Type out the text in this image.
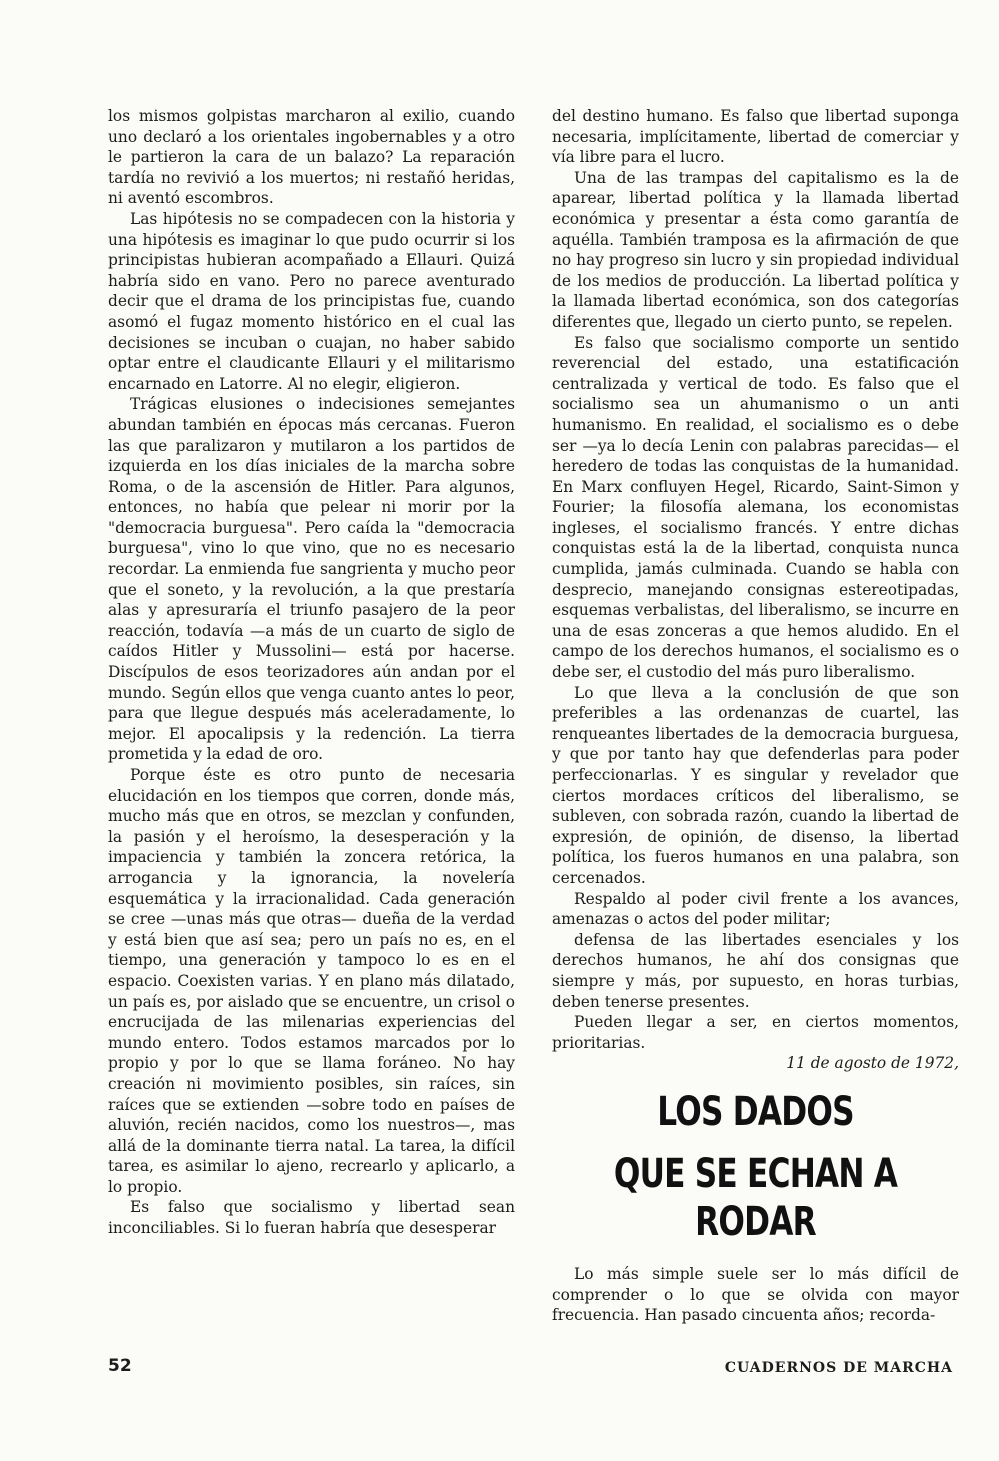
los mismos golpistas marcharon al exilio, cuando uno declaró a los orientales ingobernables y a otro le partieron la cara de un balazo? La reparación tardía no revivió a los muertos; ni restañó heridas, ni aventó escombros.

Las hipótesis no se compadecen con la historia y una hipótesis es imaginar lo que pudo ocurrir si los principistas hubieran acompañado a Ellauri. Quizá habría sido en vano. Pero no parece aventurado decir que el drama de los principistas fue, cuando asomó el fugaz momento histórico en el cual las decisiones se incuban o cuajan, no haber sabido optar entre el claudicante Ellauri y el militarismo encarnado en Latorre. Al no elegir, eligieron.

Trágicas elusiones o indecisiones semejantes abundan también en épocas más cercanas. Fueron las que paralizaron y mutilaron a los partidos de izquierda en los días iniciales de la marcha sobre Roma, o de la ascensión de Hitler. Para algunos, entonces, no había que pelear ni morir por la "democracia burguesa". Pero caída la "democracia burguesa", vino lo que vino, que no es necesario recordar. La enmienda fue sangrienta y mucho peor que el soneto, y la revolución, a la que prestaría alas y apresuraría el triunfo pasajero de la peor reacción, todavía —a más de un cuarto de siglo de caídos Hitler y Mussolini— está por hacerse. Discípulos de esos teorizadores aún andan por el mundo. Según ellos que venga cuanto antes lo peor, para que llegue después más aceleradamente, lo mejor. El apocalipsis y la redención. La tierra prometida y la edad de oro.

Porque éste es otro punto de necesaria elucidación en los tiempos que corren, donde más, mucho más que en otros, se mezclan y confunden, la pasión y el heroísmo, la desesperación y la impaciencia y también la zoncera retórica, la arrogancia y la ignorancia, la novelería esquemática y la irracionalidad. Cada generación se cree —unas más que otras— dueña de la verdad y está bien que así sea; pero un país no es, en el tiempo, una generación y tampoco lo es en el espacio. Coexisten varias. Y en plano más dilatado, un país es, por aislado que se encuentre, un crisol o encrucijada de las milenarias experiencias del mundo entero. Todos estamos marcados por lo propio y por lo que se llama foráneo. No hay creación ni movimiento posibles, sin raíces, sin raíces que se extienden —sobre todo en países de aluvión, recién nacidos, como los nuestros—, mas allá de la dominante tierra natal. La tarea, la difícil tarea, es asimilar lo ajeno, recrearlo y aplicarlo, a lo propio.

Es falso que socialismo y libertad sean inconciliables. Si lo fueran habría que desesperar

del destino humano. Es falso que libertad suponga necesaria, implícitamente, libertad de comerciar y vía libre para el lucro.

Una de las trampas del capitalismo es la de aparear, libertad política y la llamada libertad económica y presentar a ésta como garantía de aquélla. También tramposa es la afirmación de que no hay progreso sin lucro y sin propiedad individual de los medios de producción. La libertad política y la llamada libertad económica, son dos categorías diferentes que, llegado un cierto punto, se repelen.

Es falso que socialismo comporte un sentido reverencial del estado, una estatificación centralizada y vertical de todo. Es falso que el socialismo sea un ahumanismo o un anti humanismo. En realidad, el socialismo es o debe ser —ya lo decía Lenin con palabras parecidas— el heredero de todas las conquistas de la humanidad. En Marx confluyen Hegel, Ricardo, Saint-Simon y Fourier; la filosofía alemana, los economistas ingleses, el socialismo francés. Y entre dichas conquistas está la de la libertad, conquista nunca cumplida, jamás culminada. Cuando se habla con desprecio, manejando consignas estereotipadas, esquemas verbalistas, del liberalismo, se incurre en una de esas zonceras a que hemos aludido. En el campo de los derechos humanos, el socialismo es o debe ser, el custodio del más puro liberalismo.

Lo que lleva a la conclusión de que son preferibles a las ordenanzas de cuartel, las renqueantes libertades de la democracia burguesa, y que por tanto hay que defenderlas para poder perfeccionarlas. Y es singular y revelador que ciertos mordaces críticos del liberalismo, se subleven, con sobrada razón, cuando la libertad de expresión, de opinión, de disenso, la libertad política, los fueros humanos en una palabra, son cercenados.

Respaldo al poder civil frente a los avances, amenazas o actos del poder militar;

defensa de las libertades esenciales y los derechos humanos, he ahí dos consignas que siempre y más, por supuesto, en horas turbias, deben tenerse presentes.

Pueden llegar a ser, en ciertos momentos, prioritarias.

11 de agosto de 1972,

LOS DADOS
QUE SE ECHAN A RODAR

Lo más simple suele ser lo más difícil de comprender o lo que se olvida con mayor frecuencia. Han pasado cincuenta años; recorda-

52	CUADERNOS DE MARCHA
